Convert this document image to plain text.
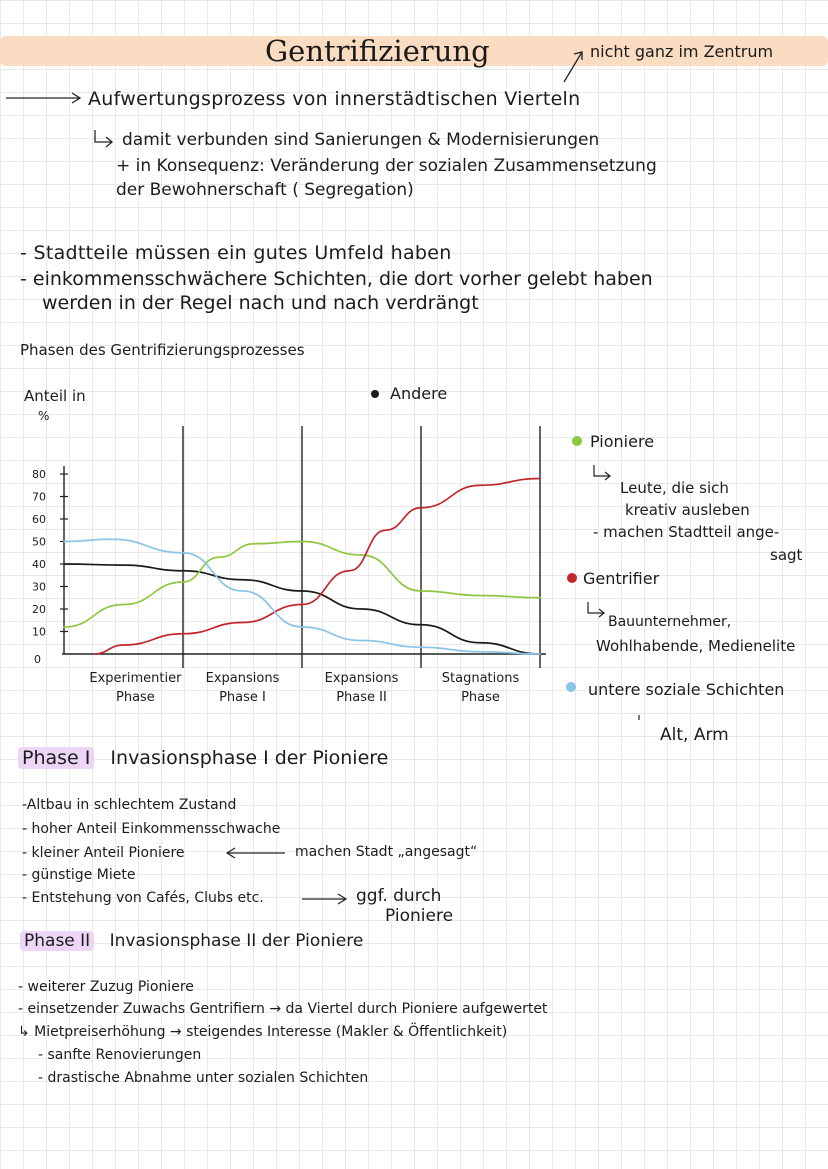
Gentrifizierung	nicht ganz im Zentrum
Aufwertungsprozess von innerstädtischen Vierteln
damit verbunden sind Sanierungen & Modernisierungen
+ in Konsequenz: Veränderung der sozialen Zusammensetzung
der Bewohnerschaft ( Segregation)
- Stadtteile müssen ein gutes Umfeld haben
- einkommensschwächere Schichten, die dort vorher gelebt haben
werden in der Regel nach und nach verdrängt
Phasen des Gentrifizierungsprozesses
Anteil in
%
Andere
0
10
20
30
40
50
60
70
80
Experimentier
Phase
Expansions
Phase I
Expansions
Phase II
Stagnations
Phase
Pioniere
Leute, die sich
kreativ ausleben
- machen Stadtteil ange-
sagt
Gentrifier
Bauunternehmer,
Wohlhabende, Medienelite
untere soziale Schichten
Alt, Arm
Phase I Invasionsphase I der Pioniere
-Altbau in schlechtem Zustand
- hoher Anteil Einkommensschwache
- kleiner Anteil Pioniere	machen Stadt „angesagt“
- günstige Miete
- Entstehung von Cafés, Clubs etc.	ggf. durch
Pioniere
Phase II Invasionsphase II der Pioniere
- weiterer Zuzug Pioniere
- einsetzender Zuwachs Gentrifiern → da Viertel durch Pioniere aufgewertet
↳ Mietpreiserhöhung → steigendes Interesse (Makler & Öffentlichkeit)
- sanfte Renovierungen
- drastische Abnahme unter sozialen Schichten
